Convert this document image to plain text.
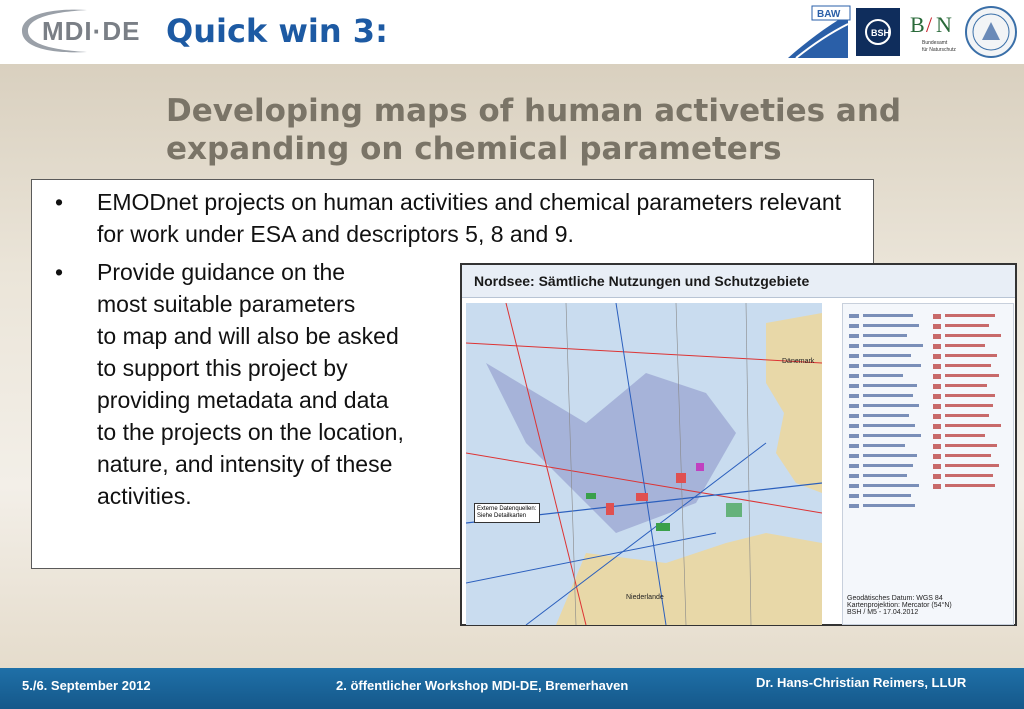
MDI·DE Quick win 3:	BAW
BSH B / N
Bundesamt
für Naturschutz
Developing maps of human activeties and expanding on chemical parameters
• EMODnet projects on human activities and chemical parameters relevant for work under ESA and descriptors 5, 8 and 9.
• Provide guidance on the
most suitable parameters
to map and will also be asked
to support this project by
providing metadata and data
to the projects on the location,
nature, and intensity of these
activities.
Nordsee: Sämtliche Nutzungen und Schutzgebiete
Dänemark
Niederlande
Externe Datenquellen: Siehe Detailkarten
Geodätisches Datum: WGS 84
Kartenprojektion: Mercator (54°N)
BSH / M5 - 17.04.2012
5./6. September 2012	2. öffentlicher Workshop MDI-DE, Bremerhaven	Dr. Hans-Christian Reimers, LLUR
